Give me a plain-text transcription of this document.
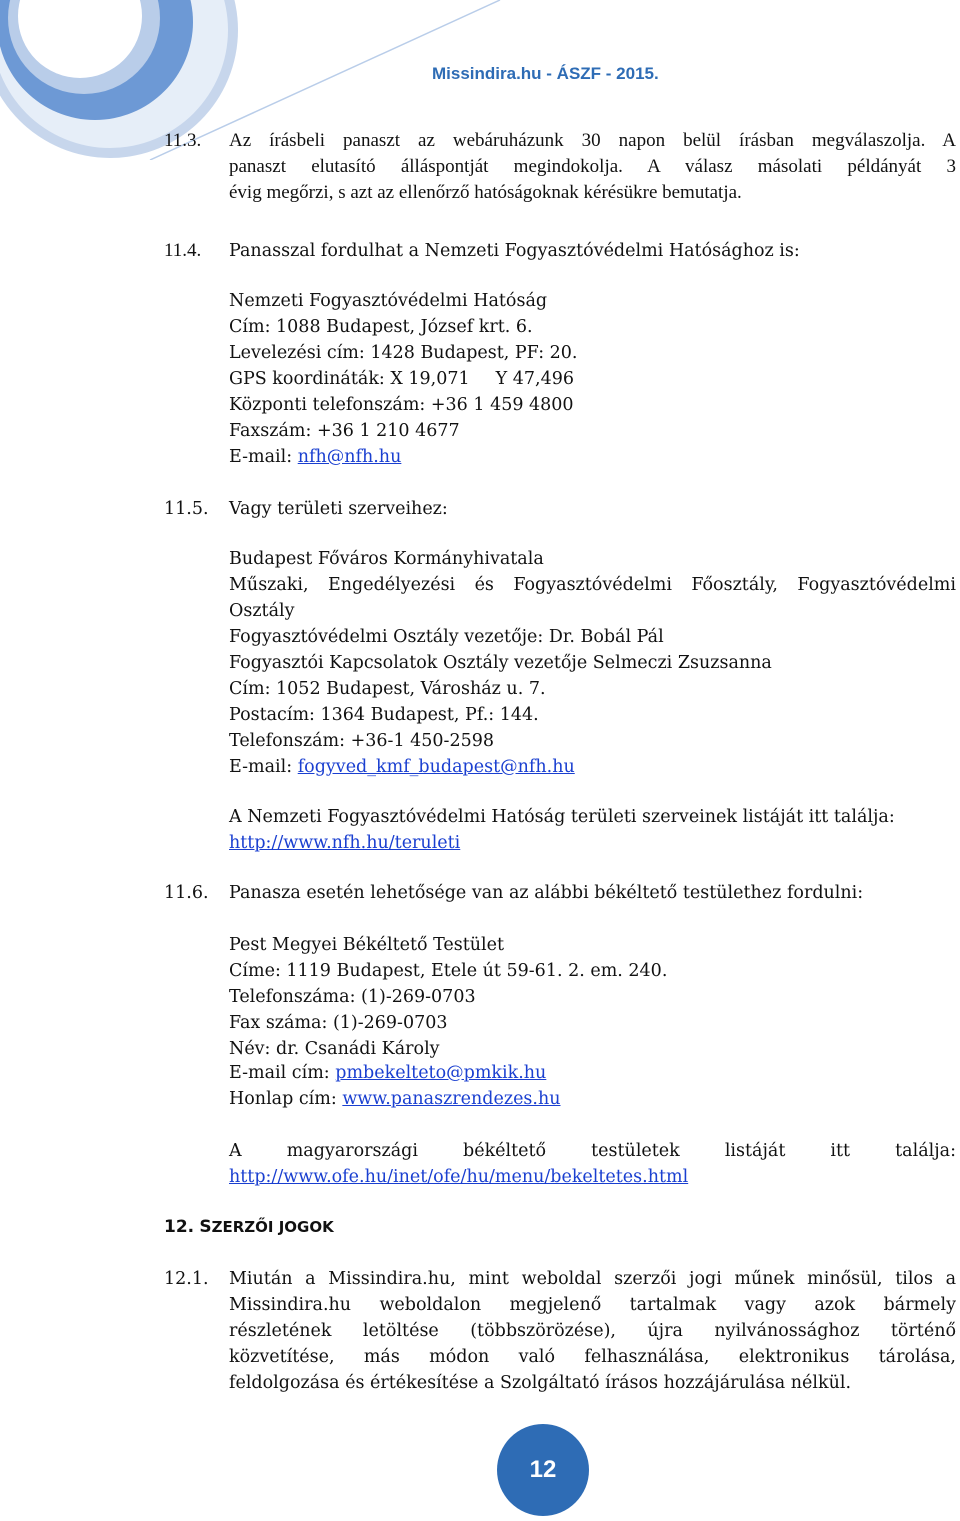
Missindira.hu - ÁSZF - 2015.
11.3. Az írásbeli panaszt az webáruházunk 30 napon belül írásban megválaszolja. A
panaszt elutasító álláspontját megindokolja. A válasz másolati példányát 3
évig megőrzi, s azt az ellenőrző hatóságoknak kérésükre bemutatja.
11.4. Panasszal fordulhat a Nemzeti Fogyasztóvédelmi Hatósághoz is:
Nemzeti Fogyasztóvédelmi Hatóság
Cím: 1088 Budapest, József krt. 6.
Levelezési cím: 1428 Budapest, PF: 20.
GPS koordináták: X 19,071 Y 47,496
Központi telefonszám: +36 1 459 4800
Faxszám: +36 1 210 4677
E-mail: nfh@nfh.hu
11.5. Vagy területi szerveihez:
Budapest Főváros Kormányhivatala
Műszaki, Engedélyezési és Fogyasztóvédelmi Főosztály, Fogyasztóvédelmi
Osztály
Fogyasztóvédelmi Osztály vezetője: Dr. Bobál Pál
Fogyasztói Kapcsolatok Osztály vezetője Selmeczi Zsuzsanna
Cím: 1052 Budapest, Városház u. 7.
Postacím: 1364 Budapest, Pf.: 144.
Telefonszám: +36-1 450-2598
E-mail: fogyved_kmf_budapest@nfh.hu
A Nemzeti Fogyasztóvédelmi Hatóság területi szerveinek listáját itt találja:
http://www.nfh.hu/teruleti
11.6. Panasza esetén lehetősége van az alábbi békéltető testülethez fordulni:
Pest Megyei Békéltető Testület
Címe: 1119 Budapest, Etele út 59-61. 2. em. 240.
Telefonszáma: (1)-269-0703
Fax száma: (1)-269-0703
Név: dr. Csanádi Károly
E-mail cím: pmbekelteto@pmkik.hu
Honlap cím: www.panaszrendezes.hu
A magyarországi békéltető testületek listáját itt találja:
http://www.ofe.hu/inet/ofe/hu/menu/bekeltetes.html
12. SZERZŐI JOGOK
12.1. Miután a Missindira.hu, mint weboldal szerzői jogi műnek minősül, tilos a
Missindira.hu weboldalon megjelenő tartalmak vagy azok bármely
részletének letöltése (többszörözése), újra nyilvánossághoz történő
közvetítése, más módon való felhasználása, elektronikus tárolása,
feldolgozása és értékesítése a Szolgáltató írásos hozzájárulása nélkül.
12
